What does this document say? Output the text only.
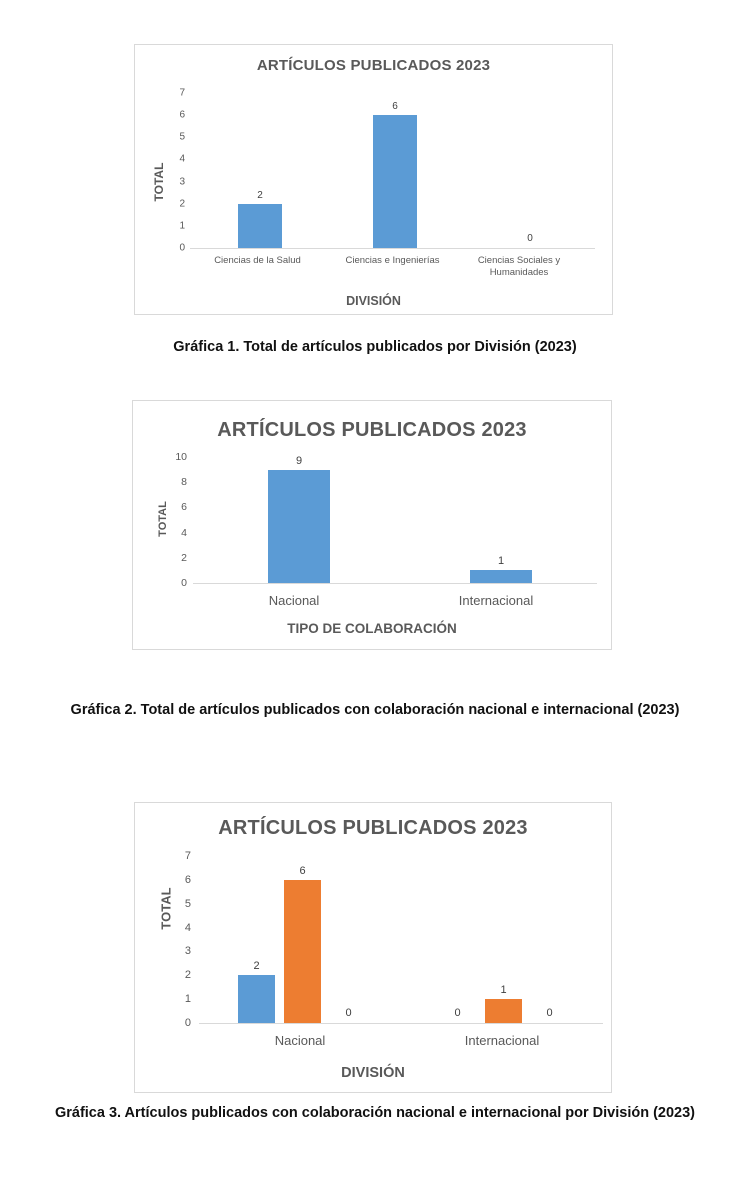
ARTÍCULOS PUBLICADOS 2023
TOTAL
7
6
5
4
3
2
1
0
2
6
0
Ciencias de la Salud	Ciencias e Ingenierías	Ciencias Sociales y Humanidades
DIVISIÓN
Gráfica 1. Total de artículos publicados por División (2023)
ARTÍCULOS PUBLICADOS 2023
TOTAL
10
8
6
4
2
0
9
1
Nacional	Internacional
TIPO DE COLABORACIÓN
Gráfica 2. Total de artículos publicados con colaboración nacional e internacional (2023)
ARTÍCULOS PUBLICADOS 2023
TOTAL
7
6
5
4
3
2
1
0
2
6
0	0
1
0
Nacional	Internacional
DIVISIÓN
Gráfica 3. Artículos publicados con colaboración nacional e internacional por División (2023)
